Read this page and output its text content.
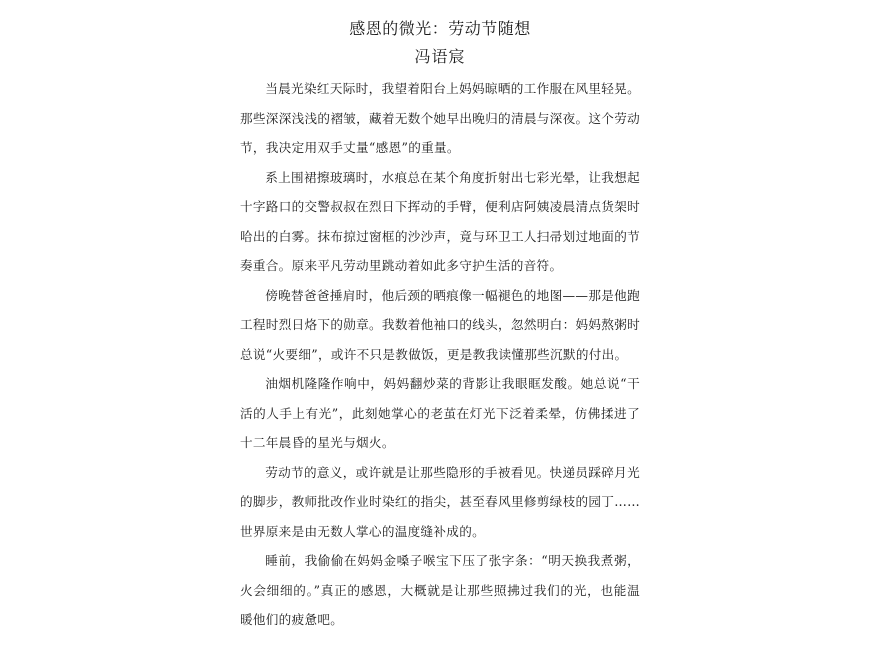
感恩的微光：劳动节随想
冯语宸

当晨光染红天际时，我望着阳台上妈妈晾晒的工作服在风里轻晃。那些深深浅浅的褶皱，藏着无数个她早出晚归的清晨与深夜。这个劳动节，我决定用双手丈量“感恩”的重量。

系上围裙擦玻璃时，水痕总在某个角度折射出七彩光晕，让我想起十字路口的交警叔叔在烈日下挥动的手臂，便利店阿姨凌晨清点货架时哈出的白雾。抹布掠过窗框的沙沙声，竟与环卫工人扫帚划过地面的节奏重合。原来平凡劳动里跳动着如此多守护生活的音符。

傍晚替爸爸捶肩时，他后颈的晒痕像一幅褪色的地图——那是他跑工程时烈日烙下的勋章。我数着他袖口的线头，忽然明白：妈妈熬粥时总说“火要细”，或许不只是教做饭，更是教我读懂那些沉默的付出。

油烟机隆隆作响中，妈妈翻炒菜的背影让我眼眶发酸。她总说“干活的人手上有光”，此刻她掌心的老茧在灯光下泛着柔晕，仿佛揉进了十二年晨昏的星光与烟火。

劳动节的意义，或许就是让那些隐形的手被看见。快递员踩碎月光的脚步，教师批改作业时染红的指尖，甚至春风里修剪绿枝的园丁……世界原来是由无数人掌心的温度缝补成的。

睡前，我偷偷在妈妈金嗓子喉宝下压了张字条：“明天换我煮粥，火会细细的。”真正的感恩，大概就是让那些照拂过我们的光，也能温暖他们的疲惫吧。
